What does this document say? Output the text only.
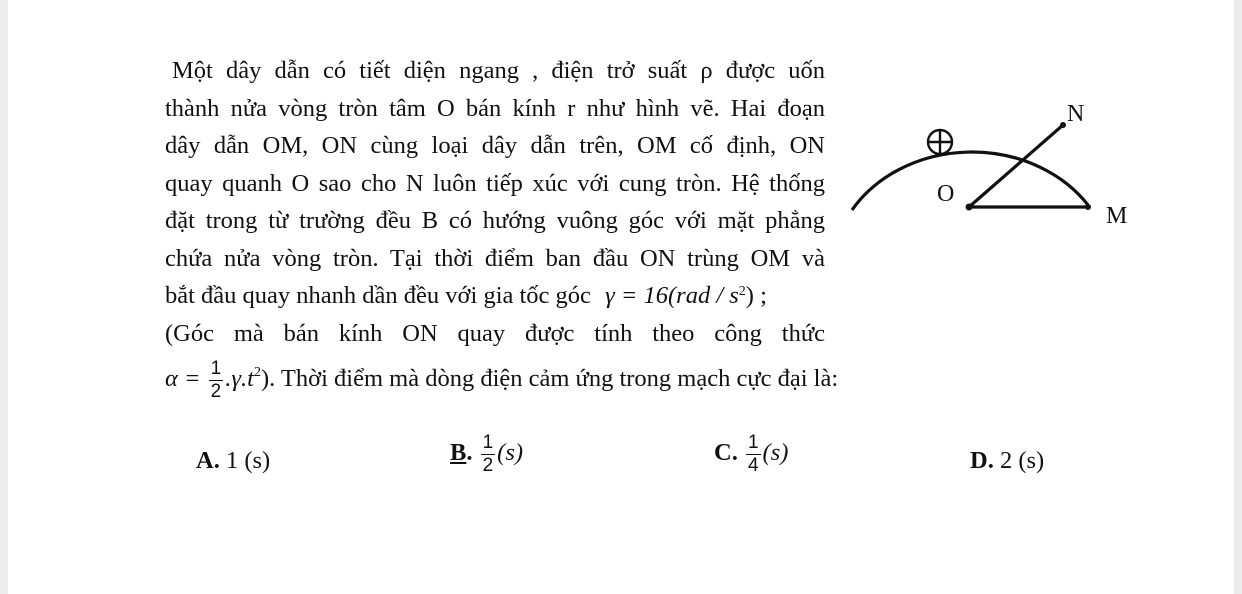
Một dây dẫn có tiết diện ngang , điện trở suất ρ được uốn
thành nửa vòng tròn tâm O bán kính r như hình vẽ. Hai đoạn
dây dẫn OM, ON cùng loại dây dẫn trên, OM cố định, ON
quay quanh O sao cho N luôn tiếp xúc với cung tròn. Hệ thống
đặt trong từ trường đều B có hướng vuông góc với mặt phẳng
chứa nửa vòng tròn. Tại thời điểm ban đầu ON trùng OM và
bắt đầu quay nhanh dần đều với gia tốc góc $\gamma = 16(rad / s^2)$ ;
(Góc mà bán kính ON quay được tính theo công thức
$\alpha = \frac{1}{2} .\gamma.t^2$). Thời điểm mà dòng điện cảm ứng trong mạch cực đại là:
N
O
M
A. 1 (s)	B. $\frac{1}{2} (s)$	C. $\frac{1}{4} (s)$	D. 2 (s)
